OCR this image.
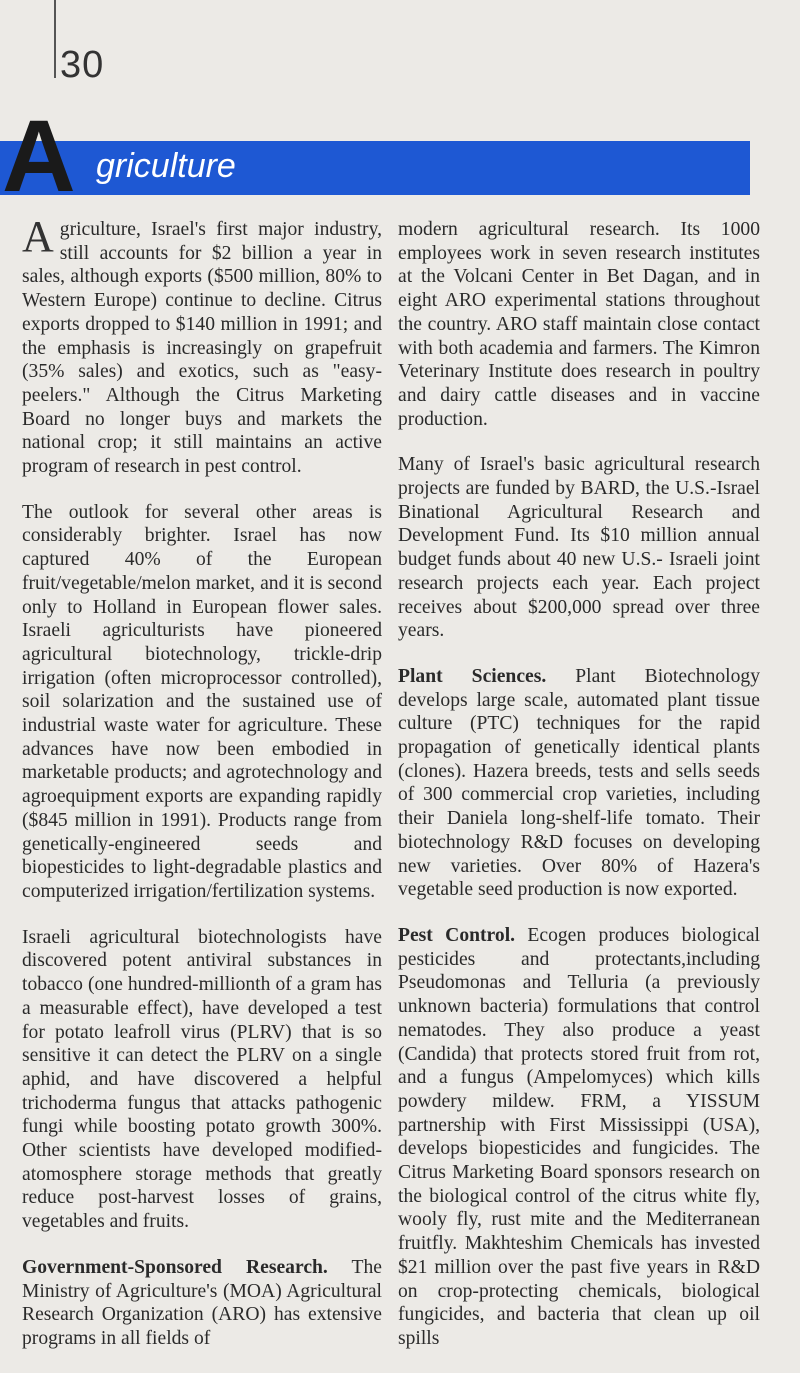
30
A griculture

A griculture, Israel's first major industry, still accounts for $2 billion a year in sales, although exports ($500 million, 80% to Western Europe) continue to decline. Citrus exports dropped to $140 million in 1991; and the emphasis is increasingly on grapefruit (35% sales) and exotics, such as "easy-peelers." Although the Citrus Marketing Board no longer buys and markets the national crop; it still maintains an active program of research in pest control.

The outlook for several other areas is considerably brighter. Israel has now captured 40% of the European fruit/vegetable/melon market, and it is second only to Holland in European flower sales. Israeli agriculturists have pioneered agricultural biotechnology, trickle-drip irrigation (often microprocessor controlled), soil solarization and the sustained use of industrial waste water for agriculture. These advances have now been embodied in marketable products; and agrotechnology and agroequipment exports are expanding rapidly ($845 million in 1991). Products range from genetically-engineered seeds and biopesticides to light-degradable plastics and computerized irrigation/fertilization systems.

Israeli agricultural biotechnologists have discovered potent antiviral substances in tobacco (one hundred-millionth of a gram has a measurable effect), have developed a test for potato leafroll virus (PLRV) that is so sensitive it can detect the PLRV on a single aphid, and have discovered a helpful trichoderma fungus that attacks pathogenic fungi while boosting potato growth 300%. Other scientists have developed modified-atomosphere storage methods that greatly reduce post-harvest losses of grains, vegetables and fruits.

Government-Sponsored Research. The Ministry of Agriculture's (MOA) Agricultural Research Organization (ARO) has extensive programs in all fields of

modern agricultural research. Its 1000 employees work in seven research institutes at the Volcani Center in Bet Dagan, and in eight ARO experimental stations throughout the country. ARO staff maintain close contact with both academia and farmers. The Kimron Veterinary Institute does research in poultry and dairy cattle diseases and in vaccine production.

Many of Israel's basic agricultural research projects are funded by BARD, the U.S.-Israel Binational Agricultural Research and Development Fund. Its $10 million annual budget funds about 40 new U.S.- Israeli joint research projects each year. Each project receives about $200,000 spread over three years.

Plant Sciences. Plant Biotechnology develops large scale, automated plant tissue culture (PTC) techniques for the rapid propagation of genetically identical plants (clones). Hazera breeds, tests and sells seeds of 300 commercial crop varieties, including their Daniela long-shelf-life tomato. Their biotechnology R&D focuses on developing new varieties. Over 80% of Hazera's vegetable seed production is now exported.

Pest Control. Ecogen produces biological pesticides and protectants,including Pseudomonas and Telluria (a previously unknown bacteria) formulations that control nematodes. They also produce a yeast (Candida) that protects stored fruit from rot, and a fungus (Ampelomyces) which kills powdery mildew. FRM, a YISSUM partnership with First Mississippi (USA), develops biopesticides and fungicides. The Citrus Marketing Board sponsors research on the biological control of the citrus white fly, wooly fly, rust mite and the Mediterranean fruitfly. Makhteshim Chemicals has invested $21 million over the past five years in R&D on crop-protecting chemicals, biological fungicides, and bacteria that clean up oil spills
